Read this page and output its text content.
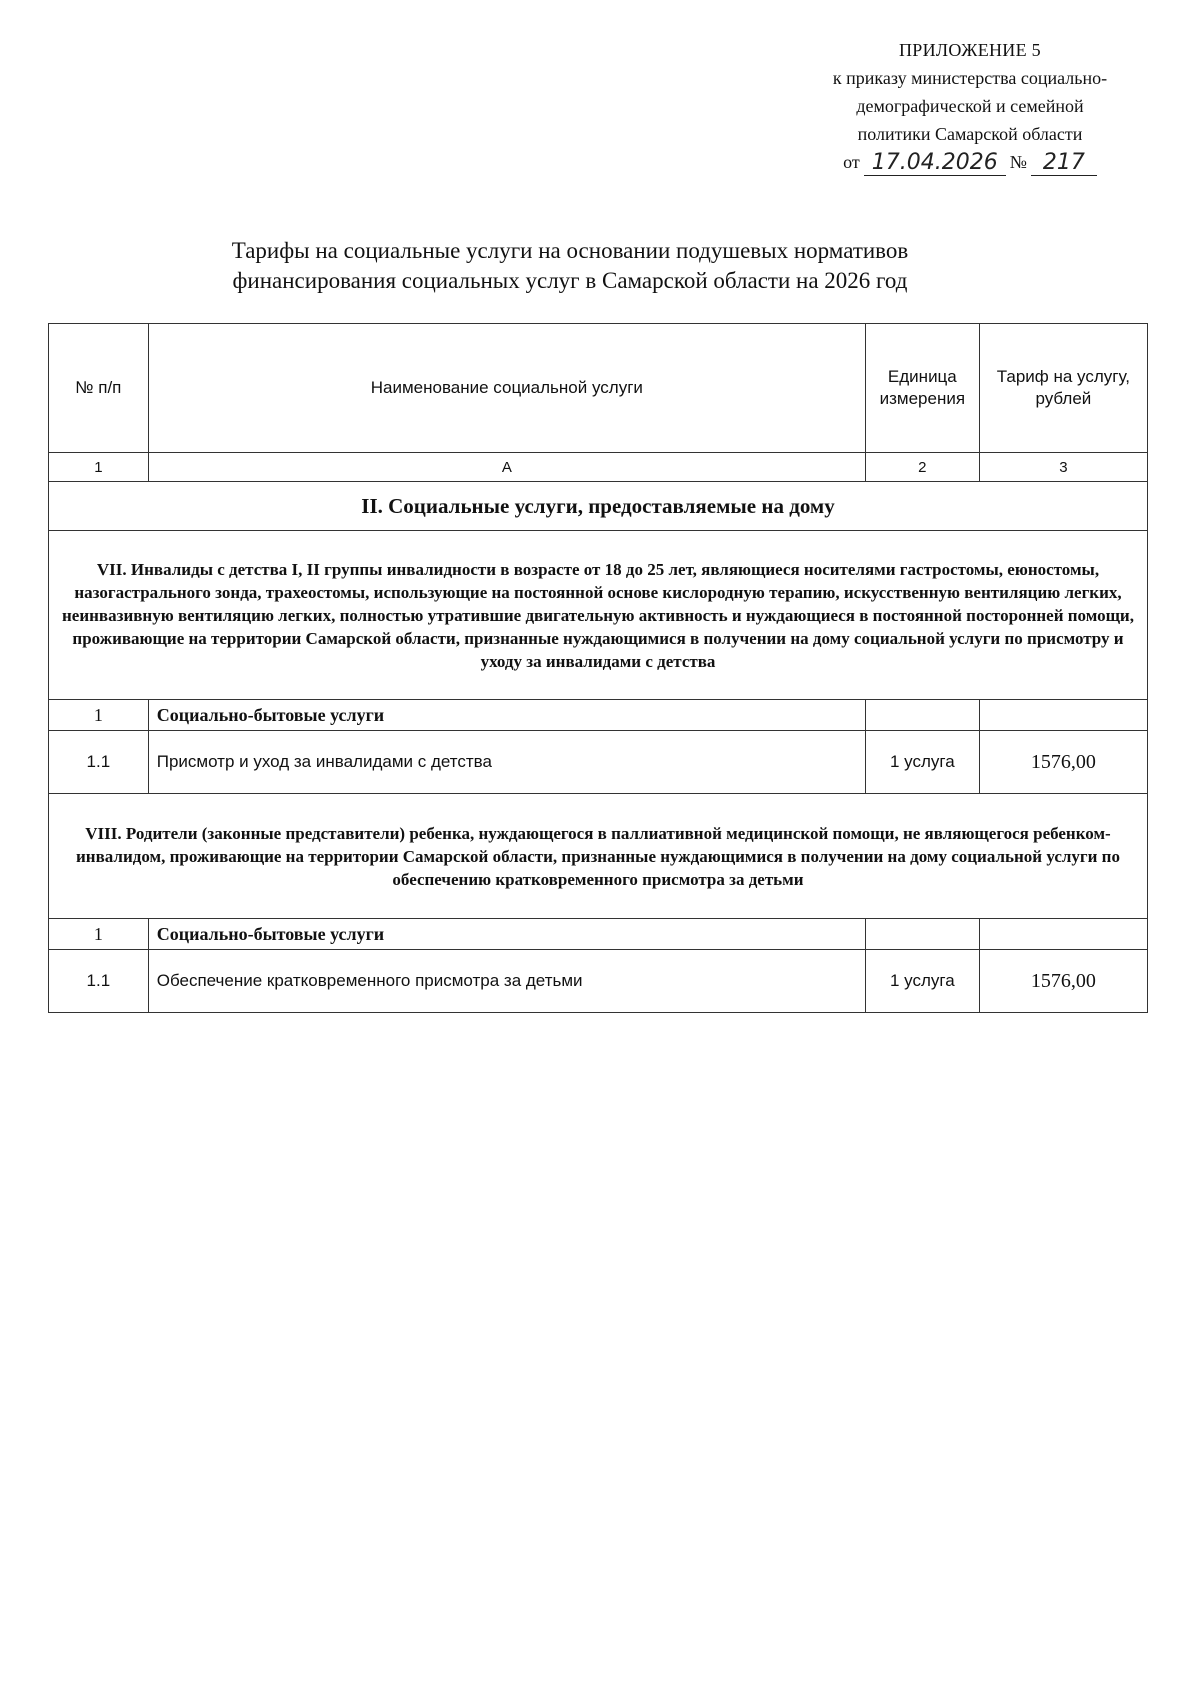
ПРИЛОЖЕНИЕ 5
к приказу министерства социально-
демографической и семейной
политики Самарской области
от 17.04.2026 № 217
Тарифы на социальные услуги на основании подушевых нормативов
финансирования социальных услуг в Самарской области на 2026 год
№ п/п	Наименование социальной услуги	Единица измерения	Тариф на услугу, рублей
1	А	2	3
II. Социальные услуги, предоставляемые на дому			
VII. Инвалиды с детства I, II группы инвалидности в возрасте от 18 до 25 лет, являющиеся носителями гастростомы, еюностомы, назогастрального зонда, трахеостомы, использующие на постоянной основе кислородную терапию, искусственную вентиляцию легких, неинвазивную вентиляцию легких, полностью утратившие двигательную активность и нуждающиеся в постоянной посторонней помощи, проживающие на территории Самарской области, признанные нуждающимися в получении на дому социальной услуги по присмотру и уходу за инвалидами с детства			
1	Социально-бытовые услуги		
1.1	Присмотр и уход за инвалидами с детства	1 услуга	1576,00
VIII. Родители (законные представители) ребенка, нуждающегося в паллиативной медицинской помощи, не являющегося ребенком-инвалидом, проживающие на территории Самарской области, признанные нуждающимися в получении на дому социальной услуги по обеспечению кратковременного присмотра за детьми			
1	Социально-бытовые услуги		
1.1	Обеспечение кратковременного присмотра за детьми	1 услуга	1576,00
